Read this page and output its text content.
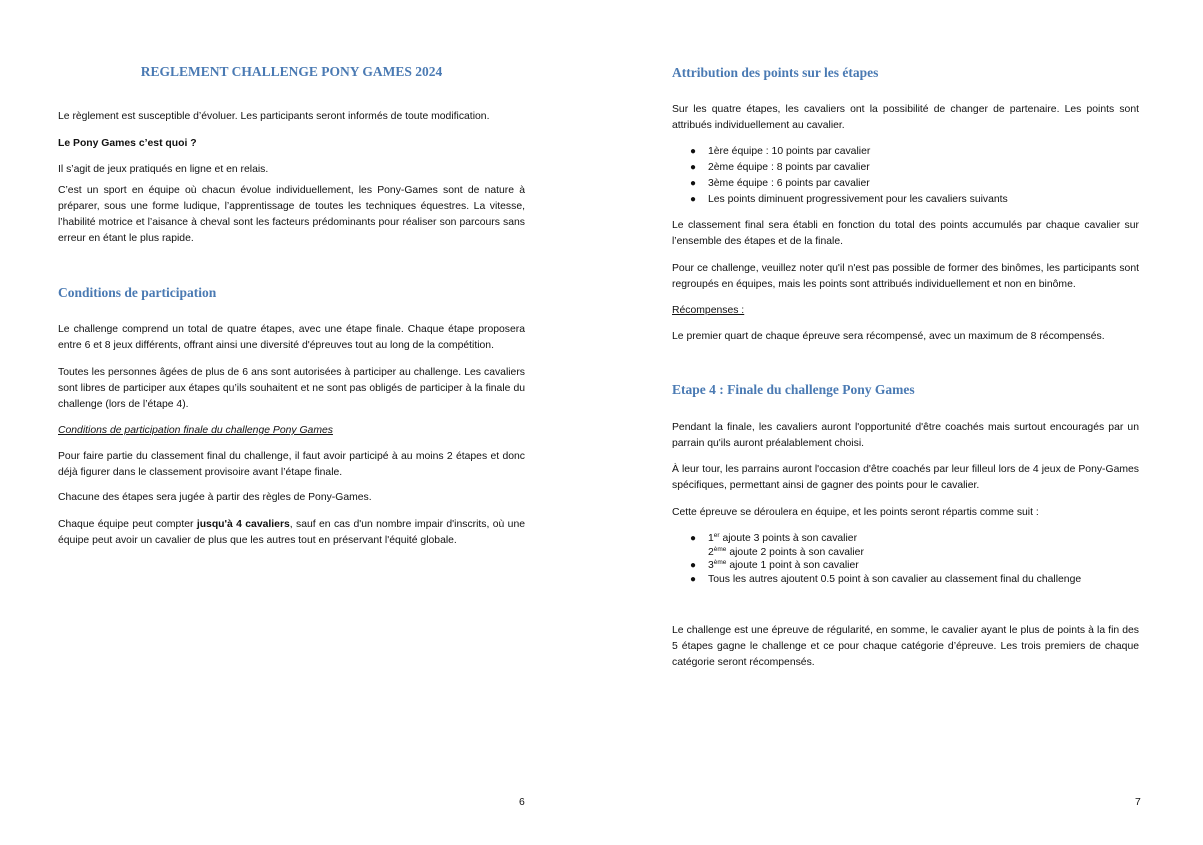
REGLEMENT CHALLENGE PONY GAMES 2024

Le règlement est susceptible d’évoluer. Les participants seront informés de toute modification.

Le Pony Games c’est quoi ?

Il s’agit de jeux pratiqués en ligne et en relais.

C’est un sport en équipe où chacun évolue individuellement, les Pony-Games sont de nature à préparer, sous une forme ludique, l’apprentissage de toutes les techniques équestres. La vitesse, l’habilité motrice et l’aisance à cheval sont les facteurs prédominants pour réaliser son parcours sans erreur en étant le plus rapide.

Conditions de participation

Le challenge comprend un total de quatre étapes, avec une étape finale. Chaque étape proposera entre 6 et 8 jeux différents, offrant ainsi une diversité d'épreuves tout au long de la compétition.

Toutes les personnes âgées de plus de 6 ans sont autorisées à participer au challenge. Les cavaliers sont libres de participer aux étapes qu’ils souhaitent et ne sont pas obligés de participer à la finale du challenge (lors de l’étape 4).

Conditions de participation finale du challenge Pony Games

Pour faire partie du classement final du challenge, il faut avoir participé à au moins 2 étapes et donc déjà figurer dans le classement provisoire avant l’étape finale.

Chacune des étapes sera jugée à partir des règles de Pony-Games.

Chaque équipe peut compter jusqu'à 4 cavaliers, sauf en cas d'un nombre impair d'inscrits, où une équipe peut avoir un cavalier de plus que les autres tout en préservant l'équité globale.

6
Attribution des points sur les étapes

Sur les quatre étapes, les cavaliers ont la possibilité de changer de partenaire. Les points sont attribués individuellement au cavalier.

● 1ère équipe : 10 points par cavalier
● 2ème équipe : 8 points par cavalier
● 3ème équipe : 6 points par cavalier
● Les points diminuent progressivement pour les cavaliers suivants

Le classement final sera établi en fonction du total des points accumulés par chaque cavalier sur l’ensemble des étapes et de la finale.

Pour ce challenge, veuillez noter qu'il n'est pas possible de former des binômes, les participants sont regroupés en équipes, mais les points sont attribués individuellement et non en binôme.

Récompenses :

Le premier quart de chaque épreuve sera récompensé, avec un maximum de 8 récompensés.

Etape 4 : Finale du challenge Pony Games

Pendant la finale, les cavaliers auront l'opportunité d'être coachés mais surtout encouragés par un parrain qu'ils auront préalablement choisi.

À leur tour, les parrains auront l'occasion d'être coachés par leur filleul lors de 4 jeux de Pony-Games spécifiques, permettant ainsi de gagner des points pour le cavalier.

Cette épreuve se déroulera en équipe, et les points seront répartis comme suit :

● 1er ajoute 3 points à son cavalier
2ème ajoute 2 points à son cavalier
● 3ème ajoute 1 point à son cavalier
● Tous les autres ajoutent 0.5 point à son cavalier au classement final du challenge

Le challenge est une épreuve de régularité, en somme, le cavalier ayant le plus de points à la fin des 5 étapes gagne le challenge et ce pour chaque catégorie d’épreuve. Les trois premiers de chaque catégorie seront récompensés.

7
